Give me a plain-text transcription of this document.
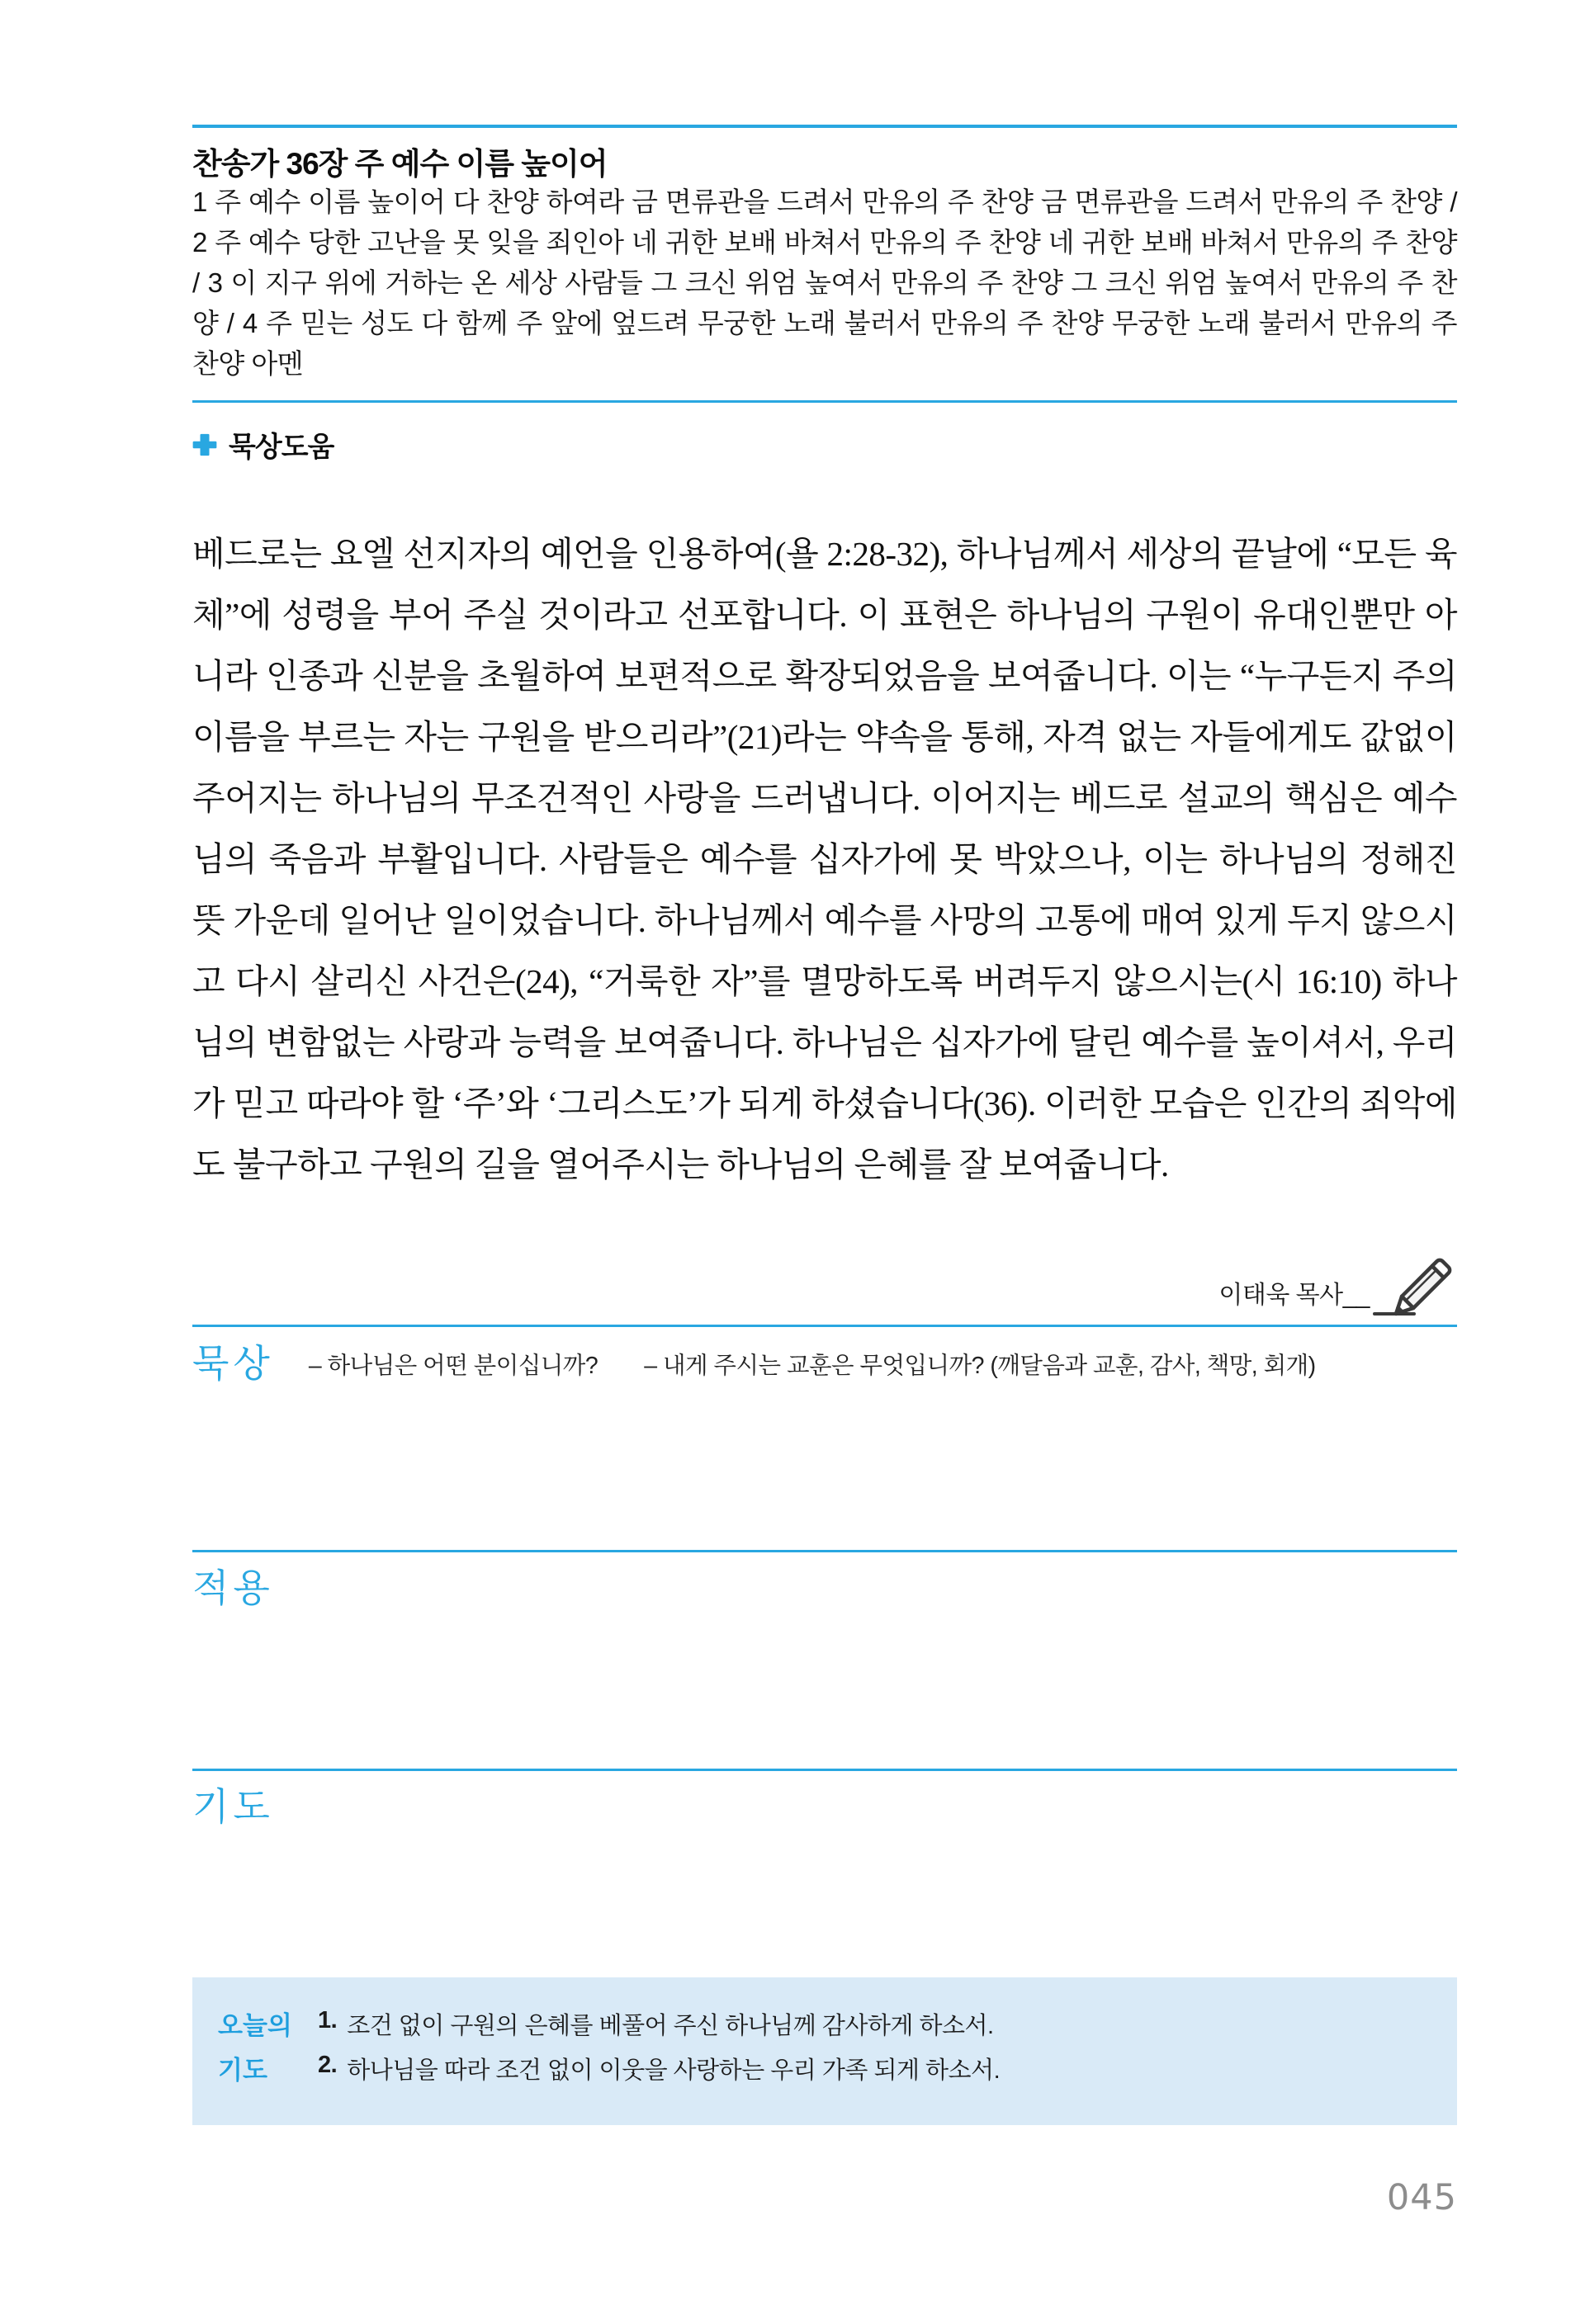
찬송가 36장 주 예수 이름 높이어
1 주 예수 이름 높이어 다 찬양 하여라 금 면류관을 드려서 만유의 주 찬양 금 면류관을 드려서 만유의 주 찬양 / 2 주 예수 당한 고난을 못 잊을 죄인아 네 귀한 보배 바쳐서 만유의 주 찬양 네 귀한 보배 바쳐서 만유의 주 찬양 / 3 이 지구 위에 거하는 온 세상 사람들 그 크신 위엄 높여서 만유의 주 찬양 그 크신 위엄 높여서 만유의 주 찬양 / 4 주 믿는 성도 다 함께 주 앞에 엎드려 무궁한 노래 불러서 만유의 주 찬양 무궁한 노래 불러서 만유의 주 찬양 아멘
묵상도움
베드로는 요엘 선지자의 예언을 인용하여(욜 2:28-32), 하나님께서 세상의 끝날에 “모든 육체”에 성령을 부어 주실 것이라고 선포합니다. 이 표현은 하나님의 구원이 유대인뿐만 아니라 인종과 신분을 초월하여 보편적으로 확장되었음을 보여줍니다. 이는 “누구든지 주의 이름을 부르는 자는 구원을 받으리라”(21)라는 약속을 통해, 자격 없는 자들에게도 값없이 주어지는 하나님의 무조건적인 사랑을 드러냅니다. 이어지는 베드로 설교의 핵심은 예수님의 죽음과 부활입니다. 사람들은 예수를 십자가에 못 박았으나, 이는 하나님의 정해진 뜻 가운데 일어난 일이었습니다. 하나님께서 예수를 사망의 고통에 매여 있게 두지 않으시고 다시 살리신 사건은(24), “거룩한 자”를 멸망하도록 버려두지 않으시는(시 16:10) 하나님의 변함없는 사랑과 능력을 보여줍니다. 하나님은 십자가에 달린 예수를 높이셔서, 우리가 믿고 따라야 할 ‘주’와 ‘그리스도’가 되게 하셨습니다(36). 이러한 모습은 인간의 죄악에도 불구하고 구원의 길을 열어주시는 하나님의 은혜를 잘 보여줍니다.
이태욱 목사__
묵상 – 하나님은 어떤 분이십니까? – 내게 주시는 교훈은 무엇입니까? (깨달음과 교훈, 감사, 책망, 회개)
적용
기도
오늘의
기도
1. 조건 없이 구원의 은혜를 베풀어 주신 하나님께 감사하게 하소서.
2. 하나님을 따라 조건 없이 이웃을 사랑하는 우리 가족 되게 하소서.
045
